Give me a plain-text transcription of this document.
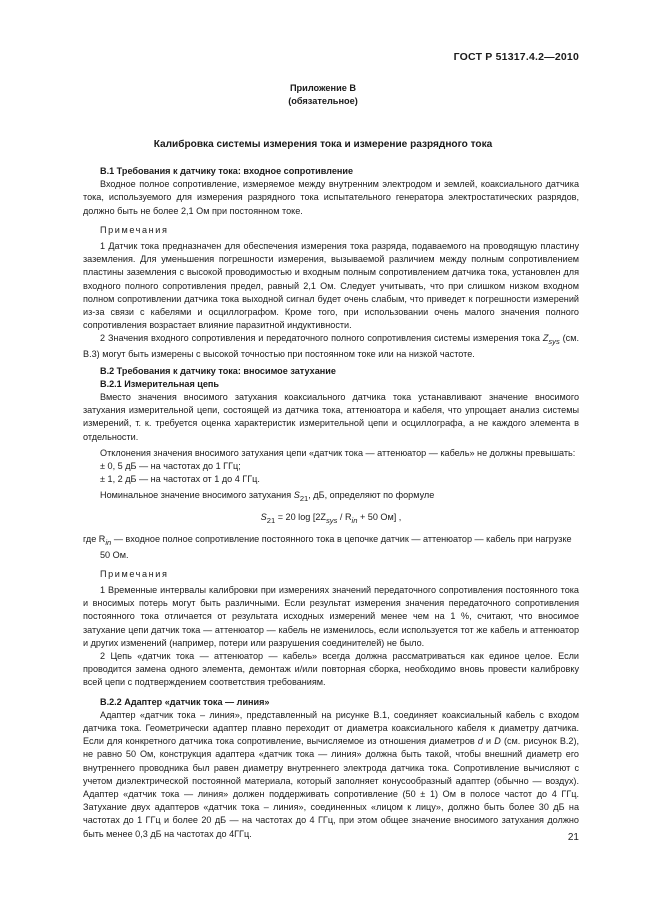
ГОСТ Р 51317.4.2—2010
Приложение В
(обязательное)
Калибровка системы измерения тока и измерение разрядного тока

В.1 Требования к датчику тока: входное сопротивление

Входное полное сопротивление, измеряемое между внутренним электродом и землей, коаксиального датчика тока, используемого для измерения разрядного тока испытательного генератора электростатических разрядов, должно быть не более 2,1 Ом при постоянном токе.

Примечания

1 Датчик тока предназначен для обеспечения измерения тока разряда, подаваемого на проводящую пластину заземления. Для уменьшения погрешности измерения, вызываемой различием между полным сопротивлением пластины заземления с высокой проводимостью и входным полным сопротивлением датчика тока, установлен для входного полного сопротивления предел, равный 2,1 Ом. Следует учитывать, что при слишком низком входном полном сопротивлении датчика тока выходной сигнал будет очень слабым, что приведет к погрешности измерений из-за связи с кабелями и осциллографом. Кроме того, при использовании очень малого значения полного сопротивления возрастает влияние паразитной индуктивности.

2 Значения входного сопротивления и передаточного полного сопротивления системы измерения тока $Z_{sys}$ (см. В.3) могут быть измерены с высокой точностью при постоянном токе или на низкой частоте.

В.2 Требования к датчику тока: вносимое затухание

В.2.1 Измерительная цепь

Вместо значения вносимого затухания коаксиального датчика тока устанавливают значение вносимого затухания измерительной цепи, состоящей из датчика тока, аттенюатора и кабеля, что упрощает анализ системы измерений, т. к. требуется оценка характеристик измерительной цепи и осциллографа, а не каждого элемента в отдельности.

Отклонения значения вносимого затухания цепи «датчик тока — аттенюатор — кабель» не должны превышать:

± 0, 5 дБ — на частотах до 1 ГГц;

± 1, 2 дБ — на частотах от 1 до 4 ГГц.

Номинальное значение вносимого затухания $S_{21}$, дБ, определяют по формуле

$S_{21} = 20$ $\log [2Z_{sys} / R_{in} + 50$ Ом] ,

где $R_{in}$ — входное полное сопротивление постоянного тока в цепочке датчик — аттенюатор — кабель при нагрузке

50 Ом.

Примечания

1 Временные интервалы калибровки при измерениях значений передаточного сопротивления постоянного тока и вносимых потерь могут быть различными. Если результат измерения значения передаточного сопротивления постоянного тока отличается от результата исходных измерений менее чем на 1 %, считают, что вносимое затухание цепи датчик тока — аттенюатор — кабель не изменилось, если используется тот же кабель и аттенюатор и других изменений (например, потери или разрушения соединителей) не было.

2 Цепь «датчик тока — аттенюатор — кабель» всегда должна рассматриваться как единое целое. Если проводится замена одного элемента, демонтаж и/или повторная сборка, необходимо вновь провести калибровку всей цепи с подтверждением соответствия требованиям.

В.2.2 Адаптер «датчик тока — линия»

Адаптер «датчик тока – линия», представленный на рисунке В.1, соединяет коаксиальный кабель с входом датчика тока. Геометрически адаптер плавно переходит от диаметра коаксиального кабеля к диаметру датчика. Если для конкретного датчика тока сопротивление, вычисляемое из отношения диаметров d и D (см. рисунок В.2), не равно 50 Ом, конструкция адаптера «датчик тока — линия» должна быть такой, чтобы внешний диаметр его внутреннего проводника был равен диаметру внутреннего электрода датчика тока. Сопротивление вычисляют с учетом диэлектрической постоянной материала, который заполняет конусообразный адаптер (обычно — воздух). Адаптер «датчик тока — линия» должен поддерживать сопротивление (50 ± 1) Ом в полосе частот до 4 ГГц. Затухание двух адаптеров «датчик тока – линия», соединенных «лицом к лицу», должно быть более 30 дБ на частотах до 1 ГГц и более 20 дБ — на частотах до 4 ГГц, при этом общее значение вносимого затухания должно быть менее 0,3 дБ на частотах до 4ГГц.	21
